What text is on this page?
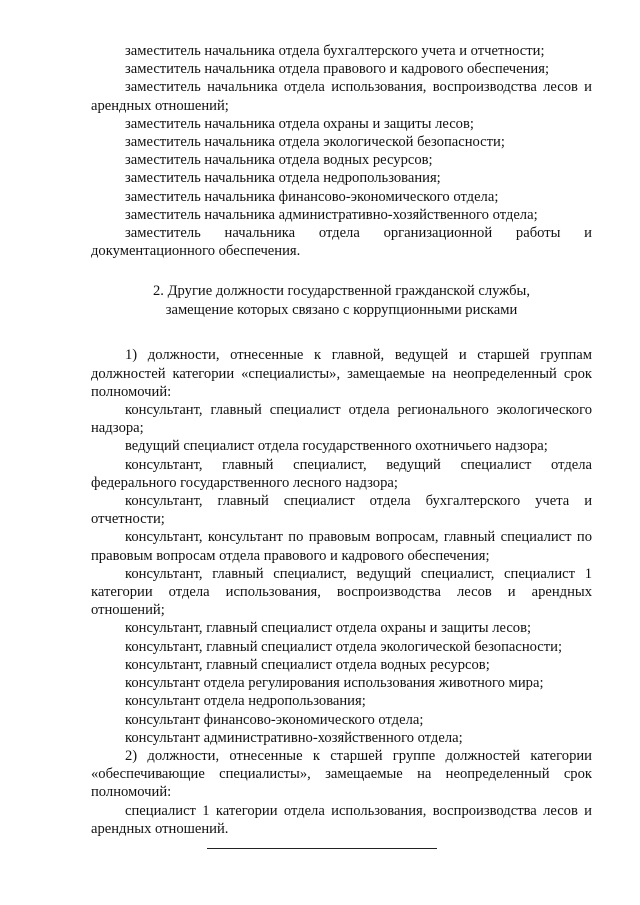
заместитель начальника отдела бухгалтерского учета и отчетности;

заместитель начальника отдела правового и кадрового обеспечения;

заместитель начальника отдела использования, воспроизводства лесов и арендных отношений;

заместитель начальника отдела охраны и защиты лесов;

заместитель начальника отдела экологической безопасности;

заместитель начальника отдела водных ресурсов;

заместитель начальника отдела недропользования;

заместитель начальника финансово-экономического отдела;

заместитель начальника административно-хозяйственного отдела;

заместитель начальника отдела организационной работы и документационного обеспечения.

2. Другие должности государственной гражданской службы,
замещение которых связано с коррупционными рисками

1) должности, отнесенные к главной, ведущей и старшей группам должностей категории «специалисты», замещаемые на неопределенный срок полномочий:

консультант, главный специалист отдела регионального экологического надзора;

ведущий специалист отдела государственного охотничьего надзора;

консультант, главный специалист, ведущий специалист отдела федерального государственного лесного надзора;

консультант, главный специалист отдела бухгалтерского учета и отчетности;

консультант, консультант по правовым вопросам, главный специалист по правовым вопросам отдела правового и кадрового обеспечения;

консультант, главный специалист, ведущий специалист, специалист 1 категории отдела использования, воспроизводства лесов и арендных отношений;

консультант, главный специалист отдела охраны и защиты лесов;

консультант, главный специалист отдела экологической безопасности;

консультант, главный специалист отдела водных ресурсов;

консультант отдела регулирования использования животного мира;

консультант отдела недропользования;

консультант финансово-экономического отдела;

консультант административно-хозяйственного отдела;

2) должности, отнесенные к старшей группе должностей категории «обеспечивающие специалисты», замещаемые на неопределенный срок полномочий:

специалист 1 категории отдела использования, воспроизводства лесов и арендных отношений.
